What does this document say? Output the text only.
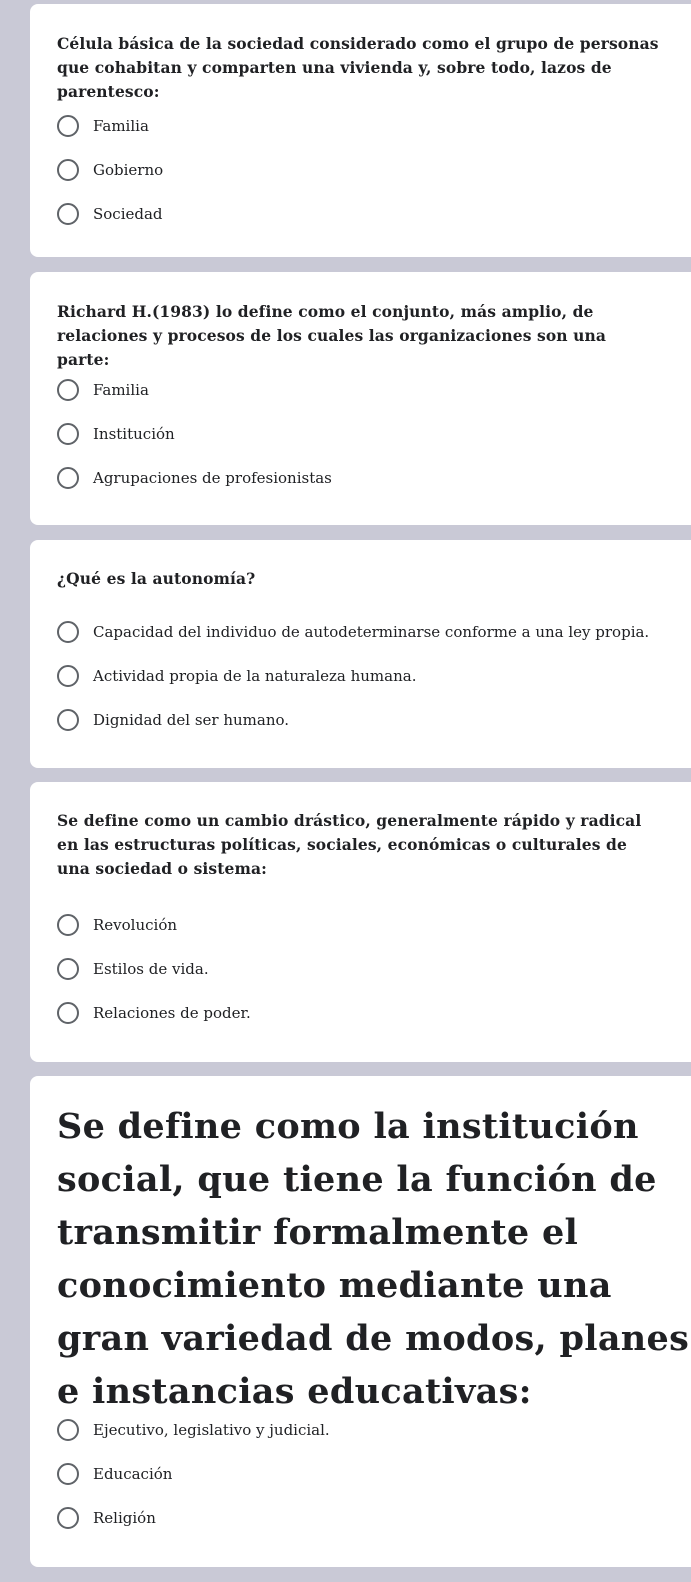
Célula básica de la sociedad considerado como el grupo de personas que cohabitan y comparten una vivienda y, sobre todo, lazos de parentesco:

Familia
Gobierno
Sociedad

Richard H.(1983) lo define como el conjunto, más amplio, de relaciones y procesos de los cuales las organizaciones son una parte:

Familia
Institución
Agrupaciones de profesionistas

¿Qué es la autonomía?

Capacidad del individuo de autodeterminarse conforme a una ley propia.
Actividad propia de la naturaleza humana.
Dignidad del ser humano.

Se define como un cambio drástico, generalmente rápido y radical en las estructuras políticas, sociales, económicas o culturales de una sociedad o sistema:

Revolución
Estilos de vida.
Relaciones de poder.

Se define como la institución social, que tiene la función de transmitir formalmente el conocimiento mediante una gran variedad de modos, planes e instancias educativas:

Ejecutivo, legislativo y judicial.
Educación
Religión
